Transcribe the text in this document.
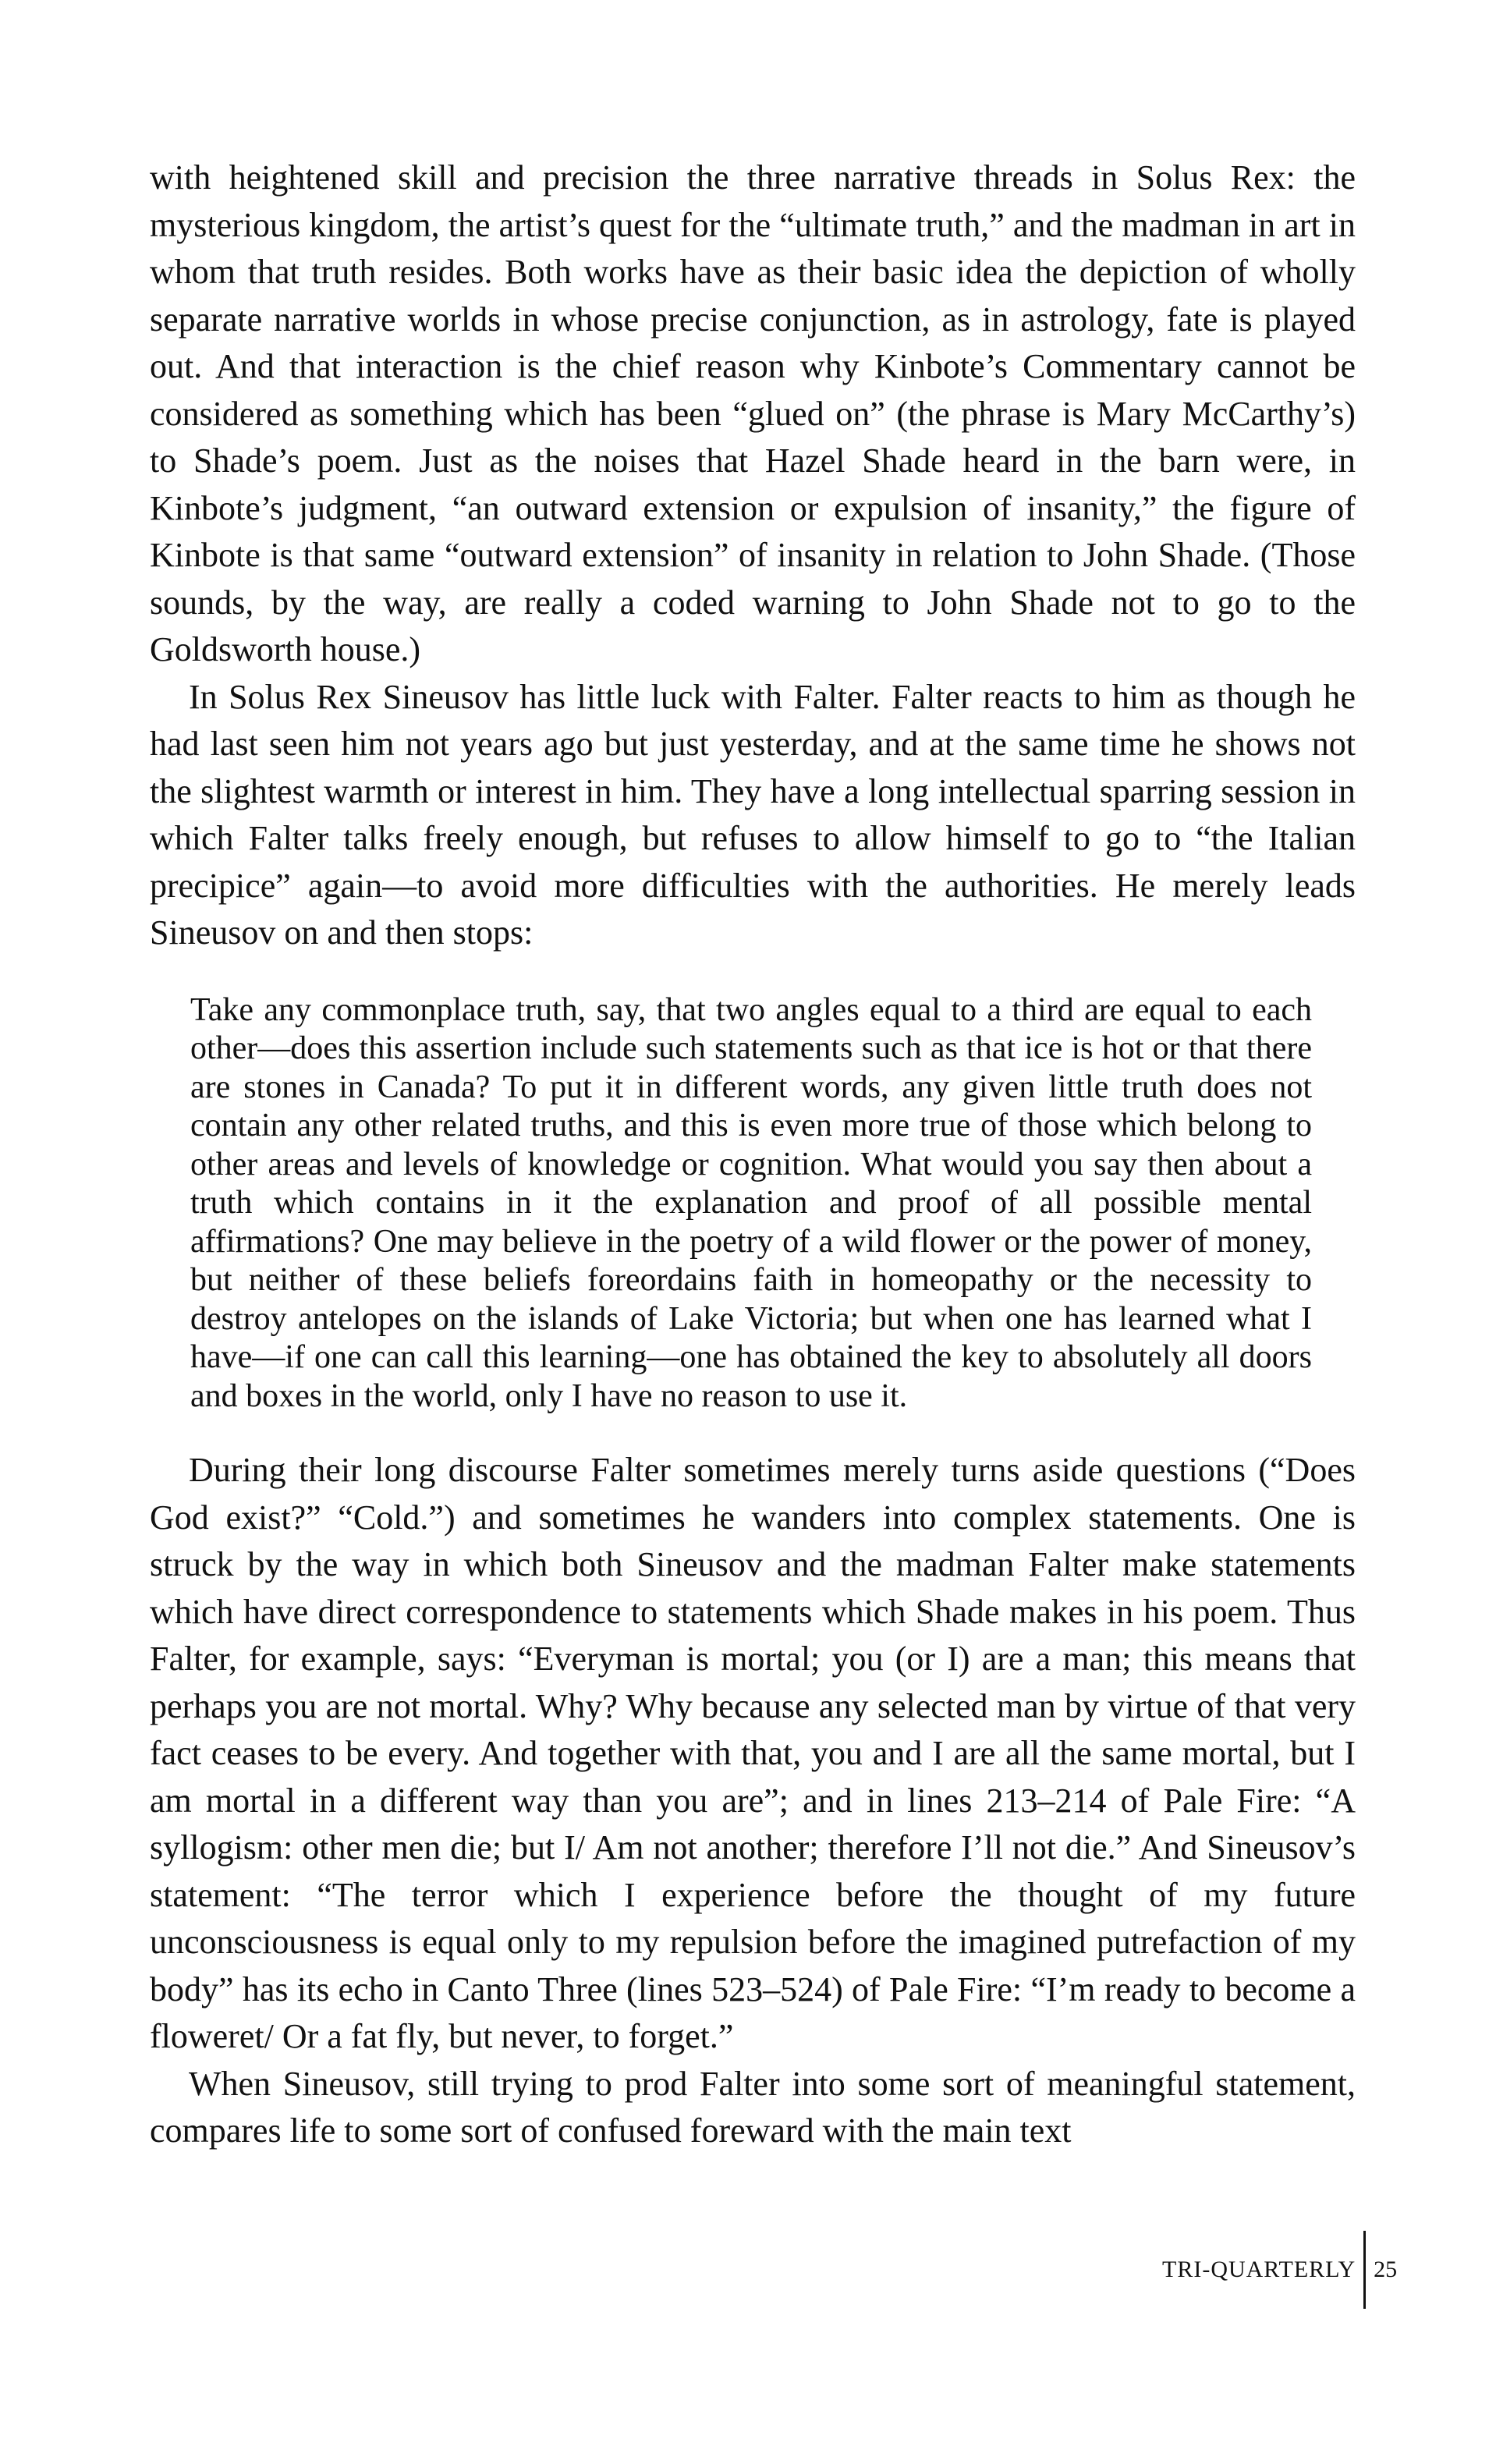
with heightened skill and precision the three narrative threads in Solus Rex: the mysterious kingdom, the artist’s quest for the “ultimate truth,” and the madman in art in whom that truth resides. Both works have as their basic idea the depiction of wholly separate narrative worlds in whose precise conjunction, as in astrology, fate is played out. And that interaction is the chief reason why Kinbote’s Commentary cannot be considered as something which has been “glued on” (the phrase is Mary McCarthy’s) to Shade’s poem. Just as the noises that Hazel Shade heard in the barn were, in Kinbote’s judgment, “an outward extension or expulsion of insanity,” the figure of Kinbote is that same “outward extension” of insanity in relation to John Shade. (Those sounds, by the way, are really a coded warning to John Shade not to go to the Goldsworth house.)

In Solus Rex Sineusov has little luck with Falter. Falter reacts to him as though he had last seen him not years ago but just yesterday, and at the same time he shows not the slightest warmth or interest in him. They have a long intellectual sparring session in which Falter talks freely enough, but refuses to allow himself to go to “the Italian precipice” again—to avoid more difficulties with the authorities. He merely leads Sineusov on and then stops:

Take any commonplace truth, say, that two angles equal to a third are equal to each other—does this assertion include such statements such as that ice is hot or that there are stones in Canada? To put it in different words, any given little truth does not contain any other related truths, and this is even more true of those which belong to other areas and levels of knowledge or cognition. What would you say then about a truth which contains in it the explanation and proof of all possible mental affirmations? One may believe in the poetry of a wild flower or the power of money, but neither of these beliefs foreordains faith in homeopathy or the necessity to destroy antelopes on the islands of Lake Victoria; but when one has learned what I have—if one can call this learning—one has obtained the key to absolutely all doors and boxes in the world, only I have no reason to use it.

During their long discourse Falter sometimes merely turns aside questions (“Does God exist?” “Cold.”) and sometimes he wanders into complex statements. One is struck by the way in which both Sineusov and the madman Falter make statements which have direct correspondence to statements which Shade makes in his poem. Thus Falter, for example, says: “Everyman is mortal; you (or I) are a man; this means that perhaps you are not mortal. Why? Why because any selected man by virtue of that very fact ceases to be every. And together with that, you and I are all the same mortal, but I am mortal in a different way than you are”; and in lines 213–214 of Pale Fire: “A syllogism: other men die; but I/ Am not another; therefore I’ll not die.” And Sineusov’s statement: “The terror which I experience before the thought of my future unconsciousness is equal only to my repulsion before the imagined putrefaction of my body” has its echo in Canto Three (lines 523–524) of Pale Fire: “I’m ready to become a floweret/ Or a fat fly, but never, to forget.”

When Sineusov, still trying to prod Falter into some sort of meaningful statement, compares life to some sort of confused foreward with the main text

TRI-QUARTERLY 25
